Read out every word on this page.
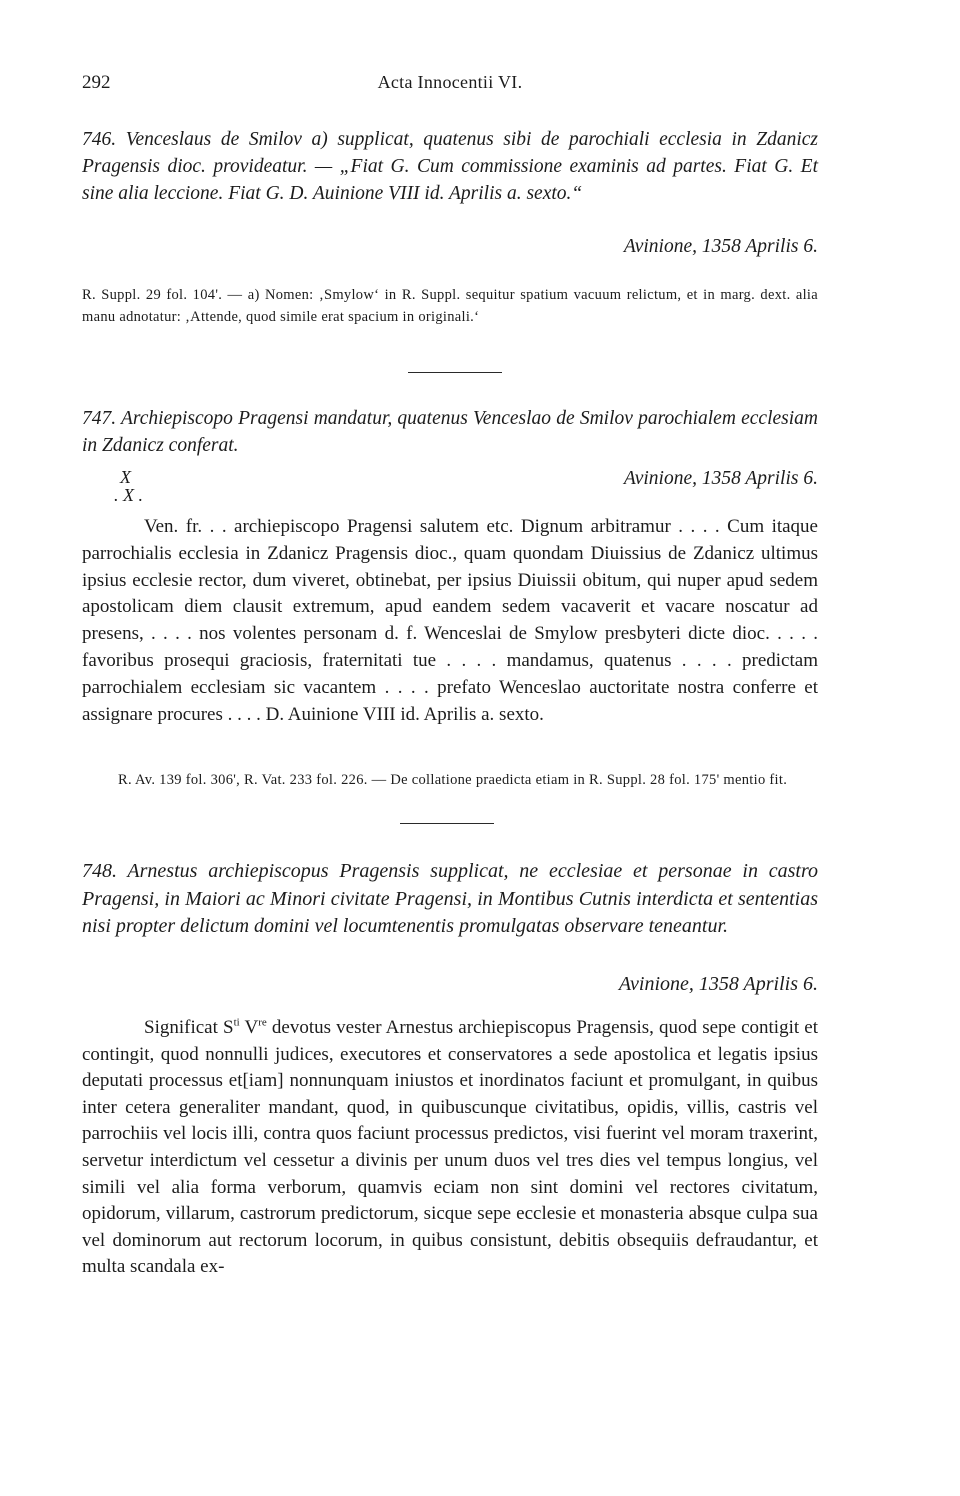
292	Acta Innocentii VI.
746. Venceslaus de Smilov a) supplicat, quatenus sibi de parochiali ecclesia in Zdanicz Pragensis dioc. provideatur. — „Fiat G. Cum commissione examinis ad partes. Fiat G. Et sine alia leccione. Fiat G. D. Auinione VIII id. Aprilis a. sexto.“
Avinione, 1358 Aprilis 6.
R. Suppl. 29 fol. 104'. — a) Nomen: ‚Smylow‘ in R. Suppl. sequitur spatium vacuum relictum, et in marg. dext. alia manu adnotatur: ‚Attende, quod simile erat spacium in originali.‘
747. Archiepiscopo Pragensi mandatur, quatenus Venceslao de Smilov parochialem ecclesiam in Zdanicz conferat.
X
. X .
Avinione, 1358 Aprilis 6.
Ven. fr. . . archiepiscopo Pragensi salutem etc. Dignum arbitramur . . . . Cum itaque parrochialis ecclesia in Zdanicz Pragensis dioc., quam quondam Diuissius de Zdanicz ultimus ipsius ecclesie rector, dum viveret, obtinebat, per ipsius Diuissii obitum, qui nuper apud sedem apostolicam diem clausit extremum, apud eandem sedem vacaverit et vacare noscatur ad presens, . . . . nos volentes personam d. f. Wenceslai de Smylow presbyteri dicte dioc. . . . . favoribus prosequi graciosis, fraternitati tue . . . . mandamus, quatenus . . . . predictam parrochialem ecclesiam sic vacantem . . . . prefato Wenceslao auctoritate nostra conferre et assignare procures . . . . D. Auinione VIII id. Aprilis a. sexto.
R. Av. 139 fol. 306', R. Vat. 233 fol. 226. — De collatione praedicta etiam in R. Suppl. 28 fol. 175' mentio fit.
748. Arnestus archiepiscopus Pragensis supplicat, ne ecclesiae et personae in castro Pragensi, in Maiori ac Minori civitate Pragensi, in Montibus Cutnis interdicta et sententias nisi propter delictum domini vel locumtenentis promulgatas observare teneantur.
Avinione, 1358 Aprilis 6.
Significat $S^{ti}$ Vre devotus vester Arnestus archiepiscopus Pragensis, quod sepe contigit et contingit, quod nonnulli judices, executores et conservatores a sede apostolica et legatis ipsius deputati processus et[iam] nonnunquam iniustos et inordinatos faciunt et promulgant, in quibus inter cetera generaliter mandant, quod, in quibuscunque civitatibus, opidis, villis, castris vel parrochiis vel locis illi, contra quos faciunt processus predictos, visi fuerint vel moram traxerint, servetur interdictum vel cessetur a divinis per unum duos vel tres dies vel tempus longius, vel simili vel alia forma verborum, quamvis eciam non sint domini vel rectores civitatum, opidorum, villarum, castrorum predictorum, sicque sepe ecclesie et monasteria absque culpa sua vel dominorum aut rectorum locorum, in quibus consistunt, debitis obsequiis defraudantur, et multa scandala ex-
